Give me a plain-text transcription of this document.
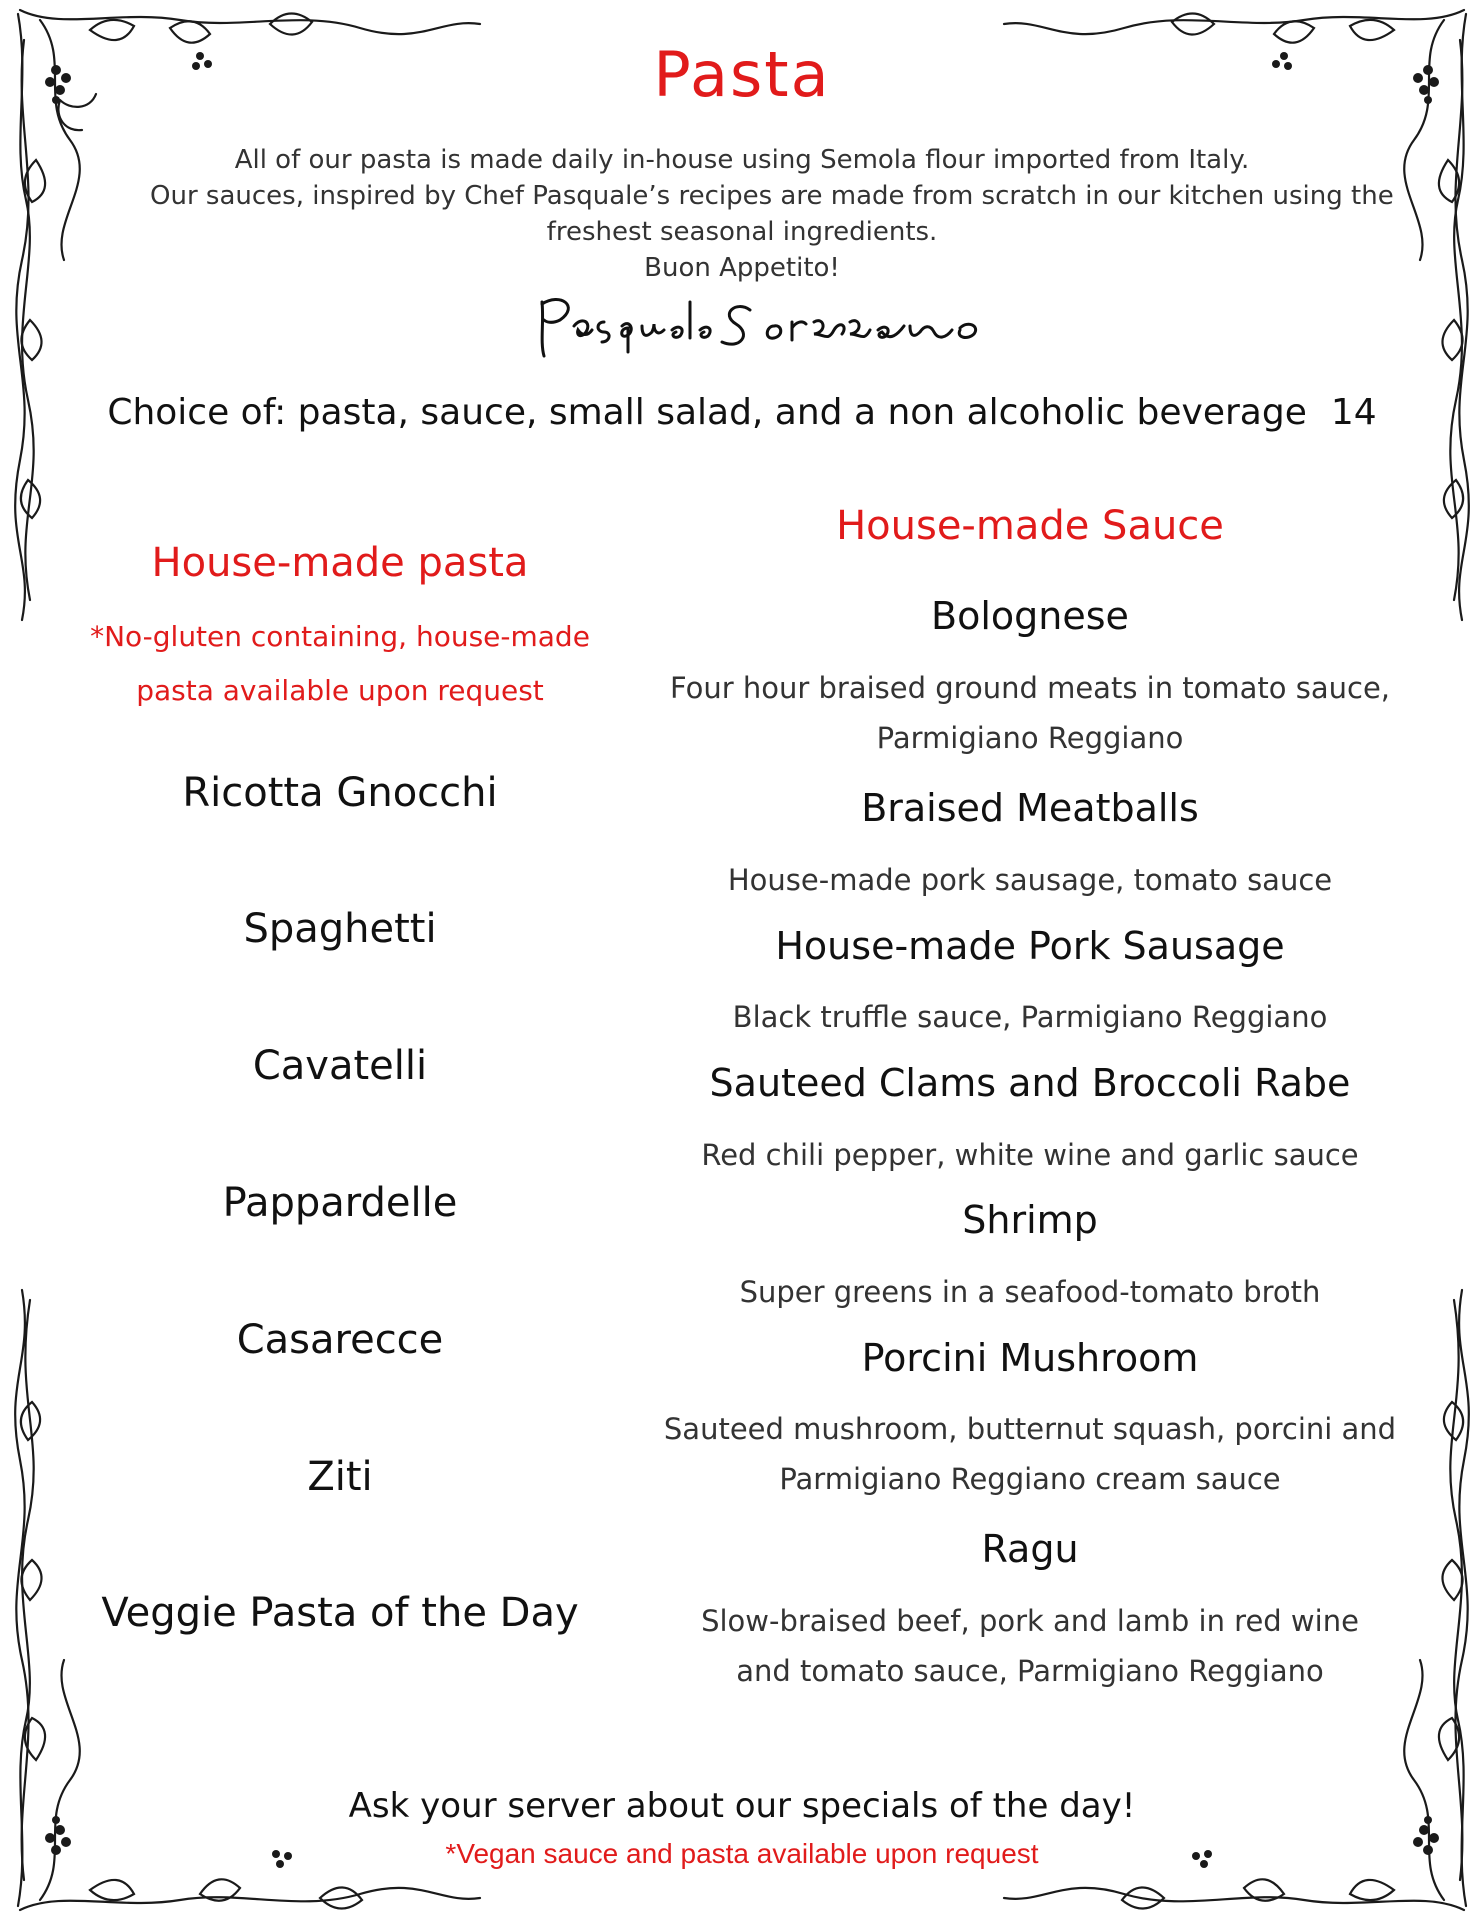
Pasta
All of our pasta is made daily in-house using Semola flour imported from Italy.
Our sauces, inspired by Chef Pasquale’s recipes are made from scratch in our kitchen using the
freshest seasonal ingredients.
Buon Appetito!
Choice of: pasta, sauce, small salad, and a non alcoholic beverage 14
House-made pasta
*No-gluten containing, house-made
pasta available upon request
Ricotta Gnocchi
Spaghetti
Cavatelli
Pappardelle
Casarecce
Ziti
Veggie Pasta of the Day
House-made Sauce
Bolognese
Four hour braised ground meats in tomato sauce,
Parmigiano Reggiano
Braised Meatballs
House-made pork sausage, tomato sauce
House-made Pork Sausage
Black truffle sauce, Parmigiano Reggiano
Sauteed Clams and Broccoli Rabe
Red chili pepper, white wine and garlic sauce
Shrimp
Super greens in a seafood-tomato broth
Porcini Mushroom
Sauteed mushroom, butternut squash, porcini and
Parmigiano Reggiano cream sauce
Ragu
Slow-braised beef, pork and lamb in red wine
and tomato sauce, Parmigiano Reggiano
Ask your server about our specials of the day!
*Vegan sauce and pasta available upon request
